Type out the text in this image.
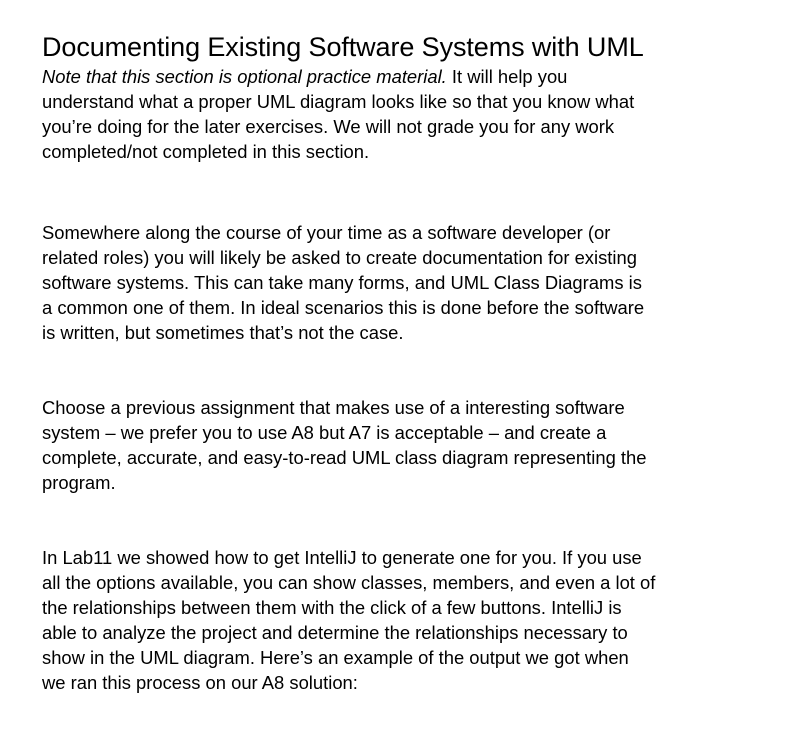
Documenting Existing Software Systems with UML

Note that this section is optional practice material. It will help you
understand what a proper UML diagram looks like so that you know what
you’re doing for the later exercises. We will not grade you for any work
completed/not completed in this section.

Somewhere along the course of your time as a software developer (or
related roles) you will likely be asked to create documentation for existing
software systems. This can take many forms, and UML Class Diagrams is
a common one of them. In ideal scenarios this is done before the software
is written, but sometimes that’s not the case.

Choose a previous assignment that makes use of a interesting software
system – we prefer you to use A8 but A7 is acceptable – and create a
complete, accurate, and easy-to-read UML class diagram representing the
program.

In Lab11 we showed how to get IntelliJ to generate one for you. If you use
all the options available, you can show classes, members, and even a lot of
the relationships between them with the click of a few buttons. IntelliJ is
able to analyze the project and determine the relationships necessary to
show in the UML diagram. Here’s an example of the output we got when
we ran this process on our A8 solution:
